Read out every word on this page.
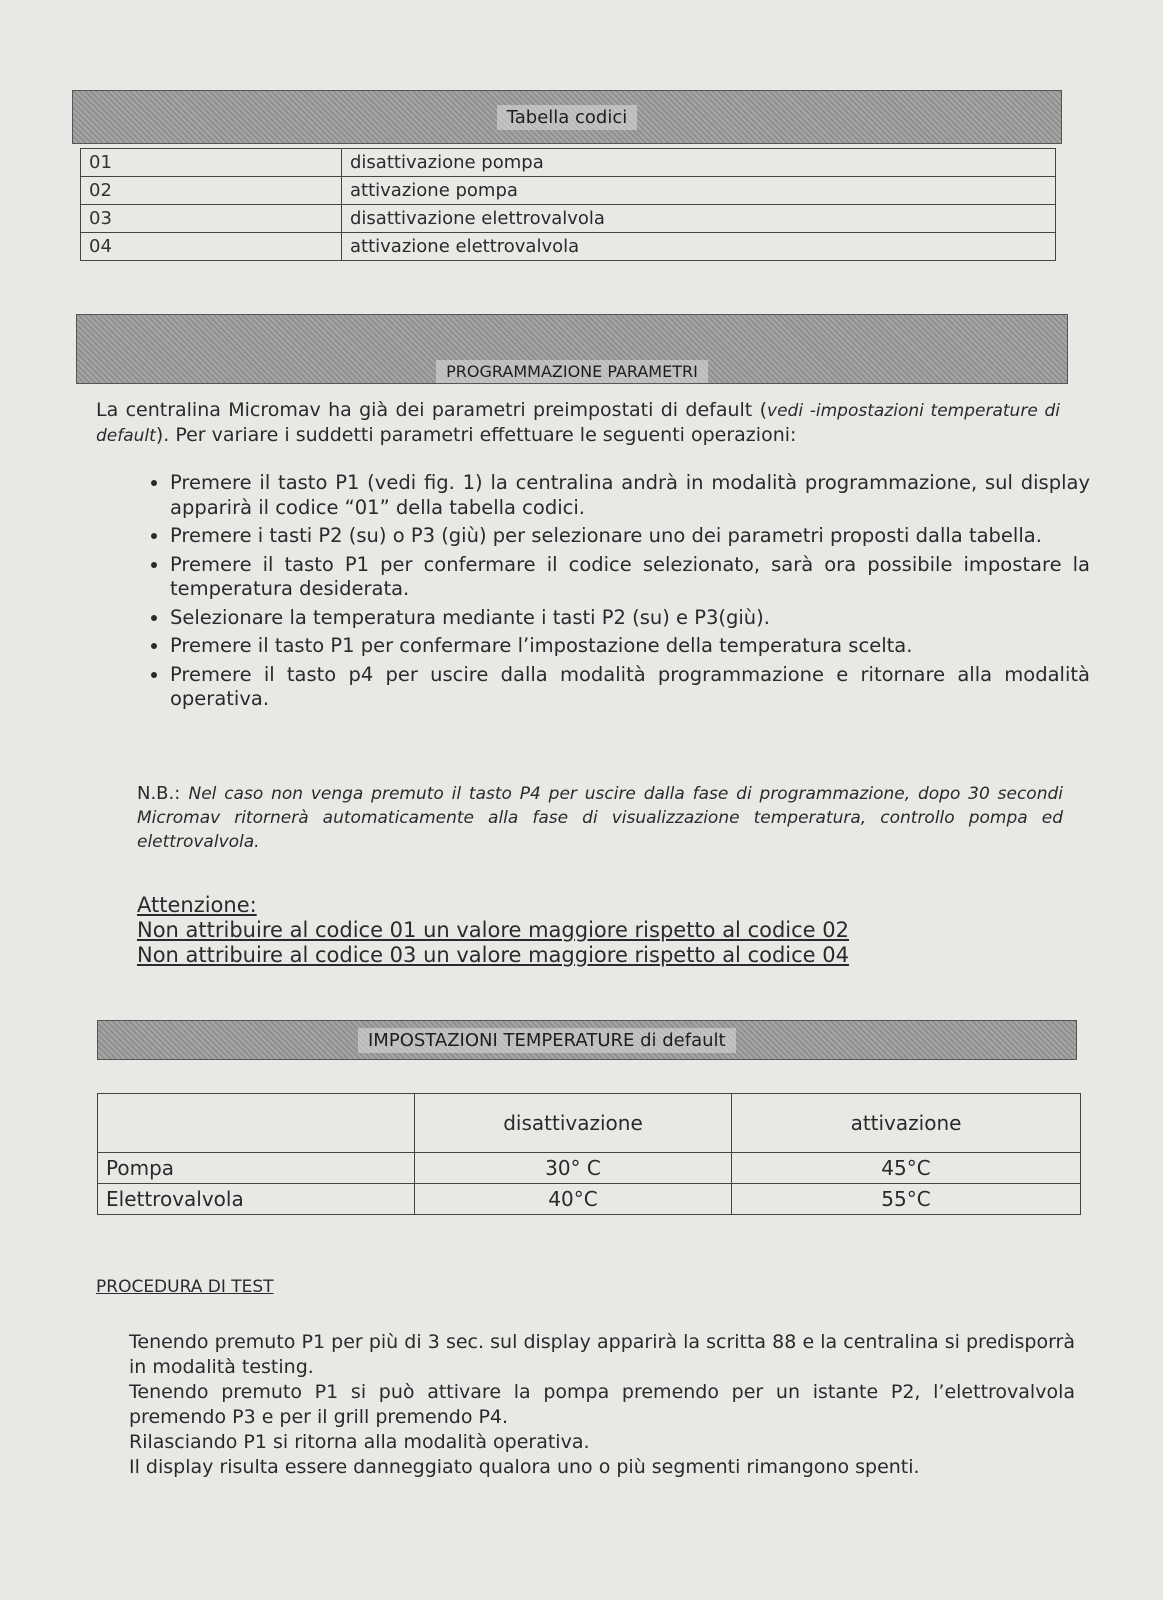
Tabella codici
01	disattivazione pompa
02	attivazione pompa
03	disattivazione elettrovalvola
04	attivazione elettrovalvola
PROGRAMMAZIONE PARAMETRI
La centralina Micromav ha già dei parametri preimpostati di default (vedi -impostazioni temperature di default). Per variare i suddetti parametri effettuare le seguenti operazioni:
• Premere il tasto P1 (vedi fig. 1) la centralina andrà in modalità programmazione, sul display apparirà il codice “01” della tabella codici.
• Premere i tasti P2 (su) o P3 (giù) per selezionare uno dei parametri proposti dalla tabella.
• Premere il tasto P1 per confermare il codice selezionato, sarà ora possibile impostare la temperatura desiderata.
• Selezionare la temperatura mediante i tasti P2 (su) e P3(giù).
• Premere il tasto P1 per confermare l’impostazione della temperatura scelta.
• Premere il tasto p4 per uscire dalla modalità programmazione e ritornare alla modalità operativa.
N.B.: Nel caso non venga premuto il tasto P4 per uscire dalla fase di programmazione, dopo 30 secondi Micromav ritornerà automaticamente alla fase di visualizzazione temperatura, controllo pompa ed elettrovalvola.
Attenzione:
Non attribuire al codice 01 un valore maggiore rispetto al codice 02
Non attribuire al codice 03 un valore maggiore rispetto al codice 04
IMPOSTAZIONI TEMPERATURE di default
	disattivazione	attivazione
Pompa	30° C	45°C
Elettrovalvola	40°C	55°C
PROCEDURA DI TEST

Tenendo premuto P1 per più di 3 sec. sul display apparirà la scritta 88 e la centralina si predisporrà in modalità testing.

Tenendo premuto P1 si può attivare la pompa premendo per un istante P2, l’elettrovalvola premendo P3 e per il grill premendo P4.

Rilasciando P1 si ritorna alla modalità operativa.

Il display risulta essere danneggiato qualora uno o più segmenti rimangono spenti.
